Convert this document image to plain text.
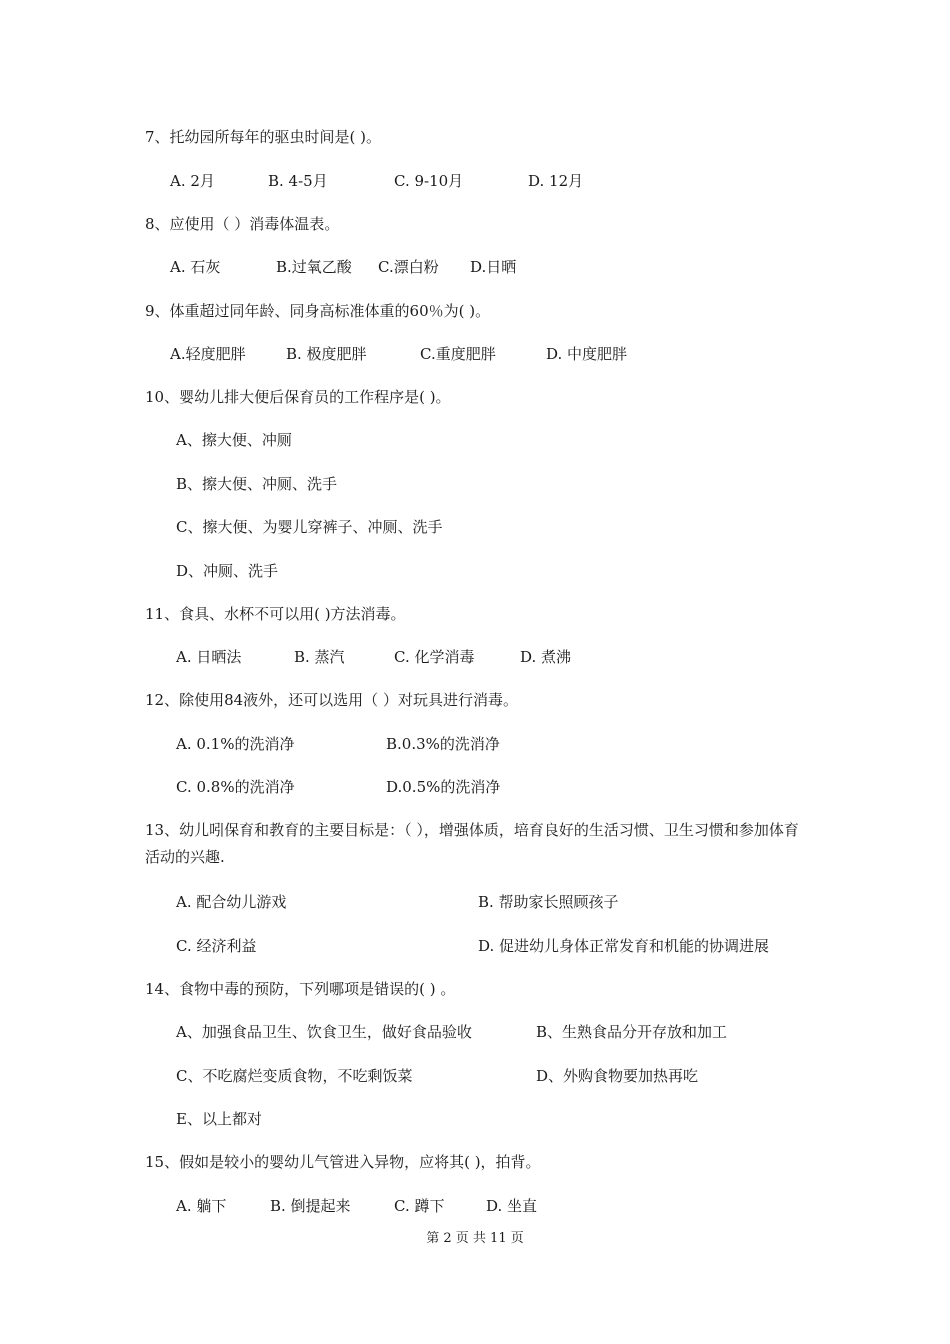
7、托幼园所每年的驱虫时间是( )。
A. 2月	B. 4-5月	C. 9-10月	D. 12月
8、应使用（ ）消毒体温表。
A. 石灰	B.过氧乙酸 C.漂白粉 D.日晒
9、体重超过同年龄、同身高标准体重的60％为( )。
A.轻度肥胖	B. 极度肥胖	C.重度肥胖	D. 中度肥胖
10、婴幼儿排大便后保育员的工作程序是( )。
A、擦大便、冲厕
B、擦大便、冲厕、洗手
C、擦大便、为婴儿穿裤子、冲厕、洗手
D、冲厕、洗手
11、食具、水杯不可以用( )方法消毒。
A. 日晒法	B. 蒸汽	C. 化学消毒	D. 煮沸
12、除使用84液外，还可以选用（ ）对玩具进行消毒。
A. 0.1%的洗消净	B.0.3%的洗消净
C. 0.8%的洗消净	D.0.5%的洗消净
13、幼儿吲保育和教育的主要目标是：（ ），增强体质，培育良好的生活习惯、卫生习惯和参加体育活动的兴趣.
A. 配合幼儿游戏	B. 帮助家长照顾孩子
C. 经济利益	D. 促进幼儿身体正常发育和机能的协调进展
14、食物中毒的预防，下列哪项是错误的( ) 。
A、加强食品卫生、饮食卫生，做好食品验收	B、生熟食品分开存放和加工
C、不吃腐烂变质食物，不吃剩饭菜	D、外购食物要加热再吃
E、以上都对
15、假如是较小的婴幼儿气管进入异物，应将其( )，拍背。
A. 躺下	B. 倒提起来	C. 蹲下	D. 坐直
第 2 页 共 11 页
